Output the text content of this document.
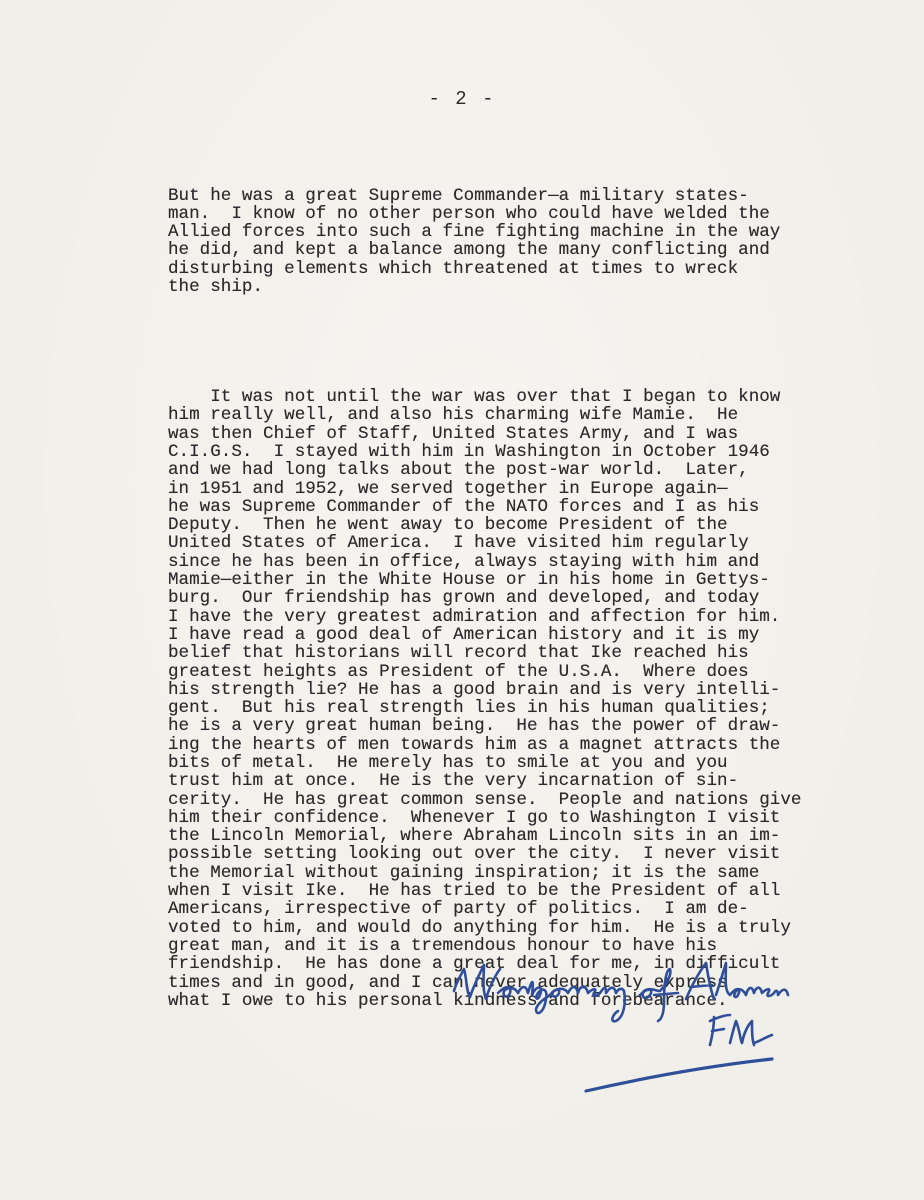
- 2 -

But he was a great Supreme Commander—a military states-
man.  I know of no other person who could have welded the
Allied forces into such a fine fighting machine in the way
he did, and kept a balance among the many conflicting and
disturbing elements which threatened at times to wreck
the ship.

It was not until the war was over that I began to know
him really well, and also his charming wife Mamie.  He
was then Chief of Staff, United States Army, and I was
C.I.G.S.  I stayed with him in Washington in October 1946
and we had long talks about the post-war world.  Later,
in 1951 and 1952, we served together in Europe again—
he was Supreme Commander of the NATO forces and I as his
Deputy.  Then he went away to become President of the
United States of America.  I have visited him regularly
since he has been in office, always staying with him and
Mamie—either in the White House or in his home in Gettys-
burg.  Our friendship has grown and developed, and today
I have the very greatest admiration and affection for him.
I have read a good deal of American history and it is my
belief that historians will record that Ike reached his
greatest heights as President of the U.S.A.  Where does
his strength lie? He has a good brain and is very intelli-
gent.  But his real strength lies in his human qualities;
he is a very great human being.  He has the power of draw-
ing the hearts of men towards him as a magnet attracts the
bits of metal.  He merely has to smile at you and you
trust him at once.  He is the very incarnation of sin-
cerity.  He has great common sense.  People and nations give
him their confidence.  Whenever I go to Washington I visit
the Lincoln Memorial, where Abraham Lincoln sits in an im-
possible setting looking out over the city.  I never visit
the Memorial without gaining inspiration; it is the same
when I visit Ike.  He has tried to be the President of all
Americans, irrespective of party of politics.  I am de-
voted to him, and would do anything for him.  He is a truly
great man, and it is a tremendous honour to have his
friendship.  He has done a great deal for me, in difficult
times and in good, and I can never adequately express
what I owe to his personal kindness and forebearance.
